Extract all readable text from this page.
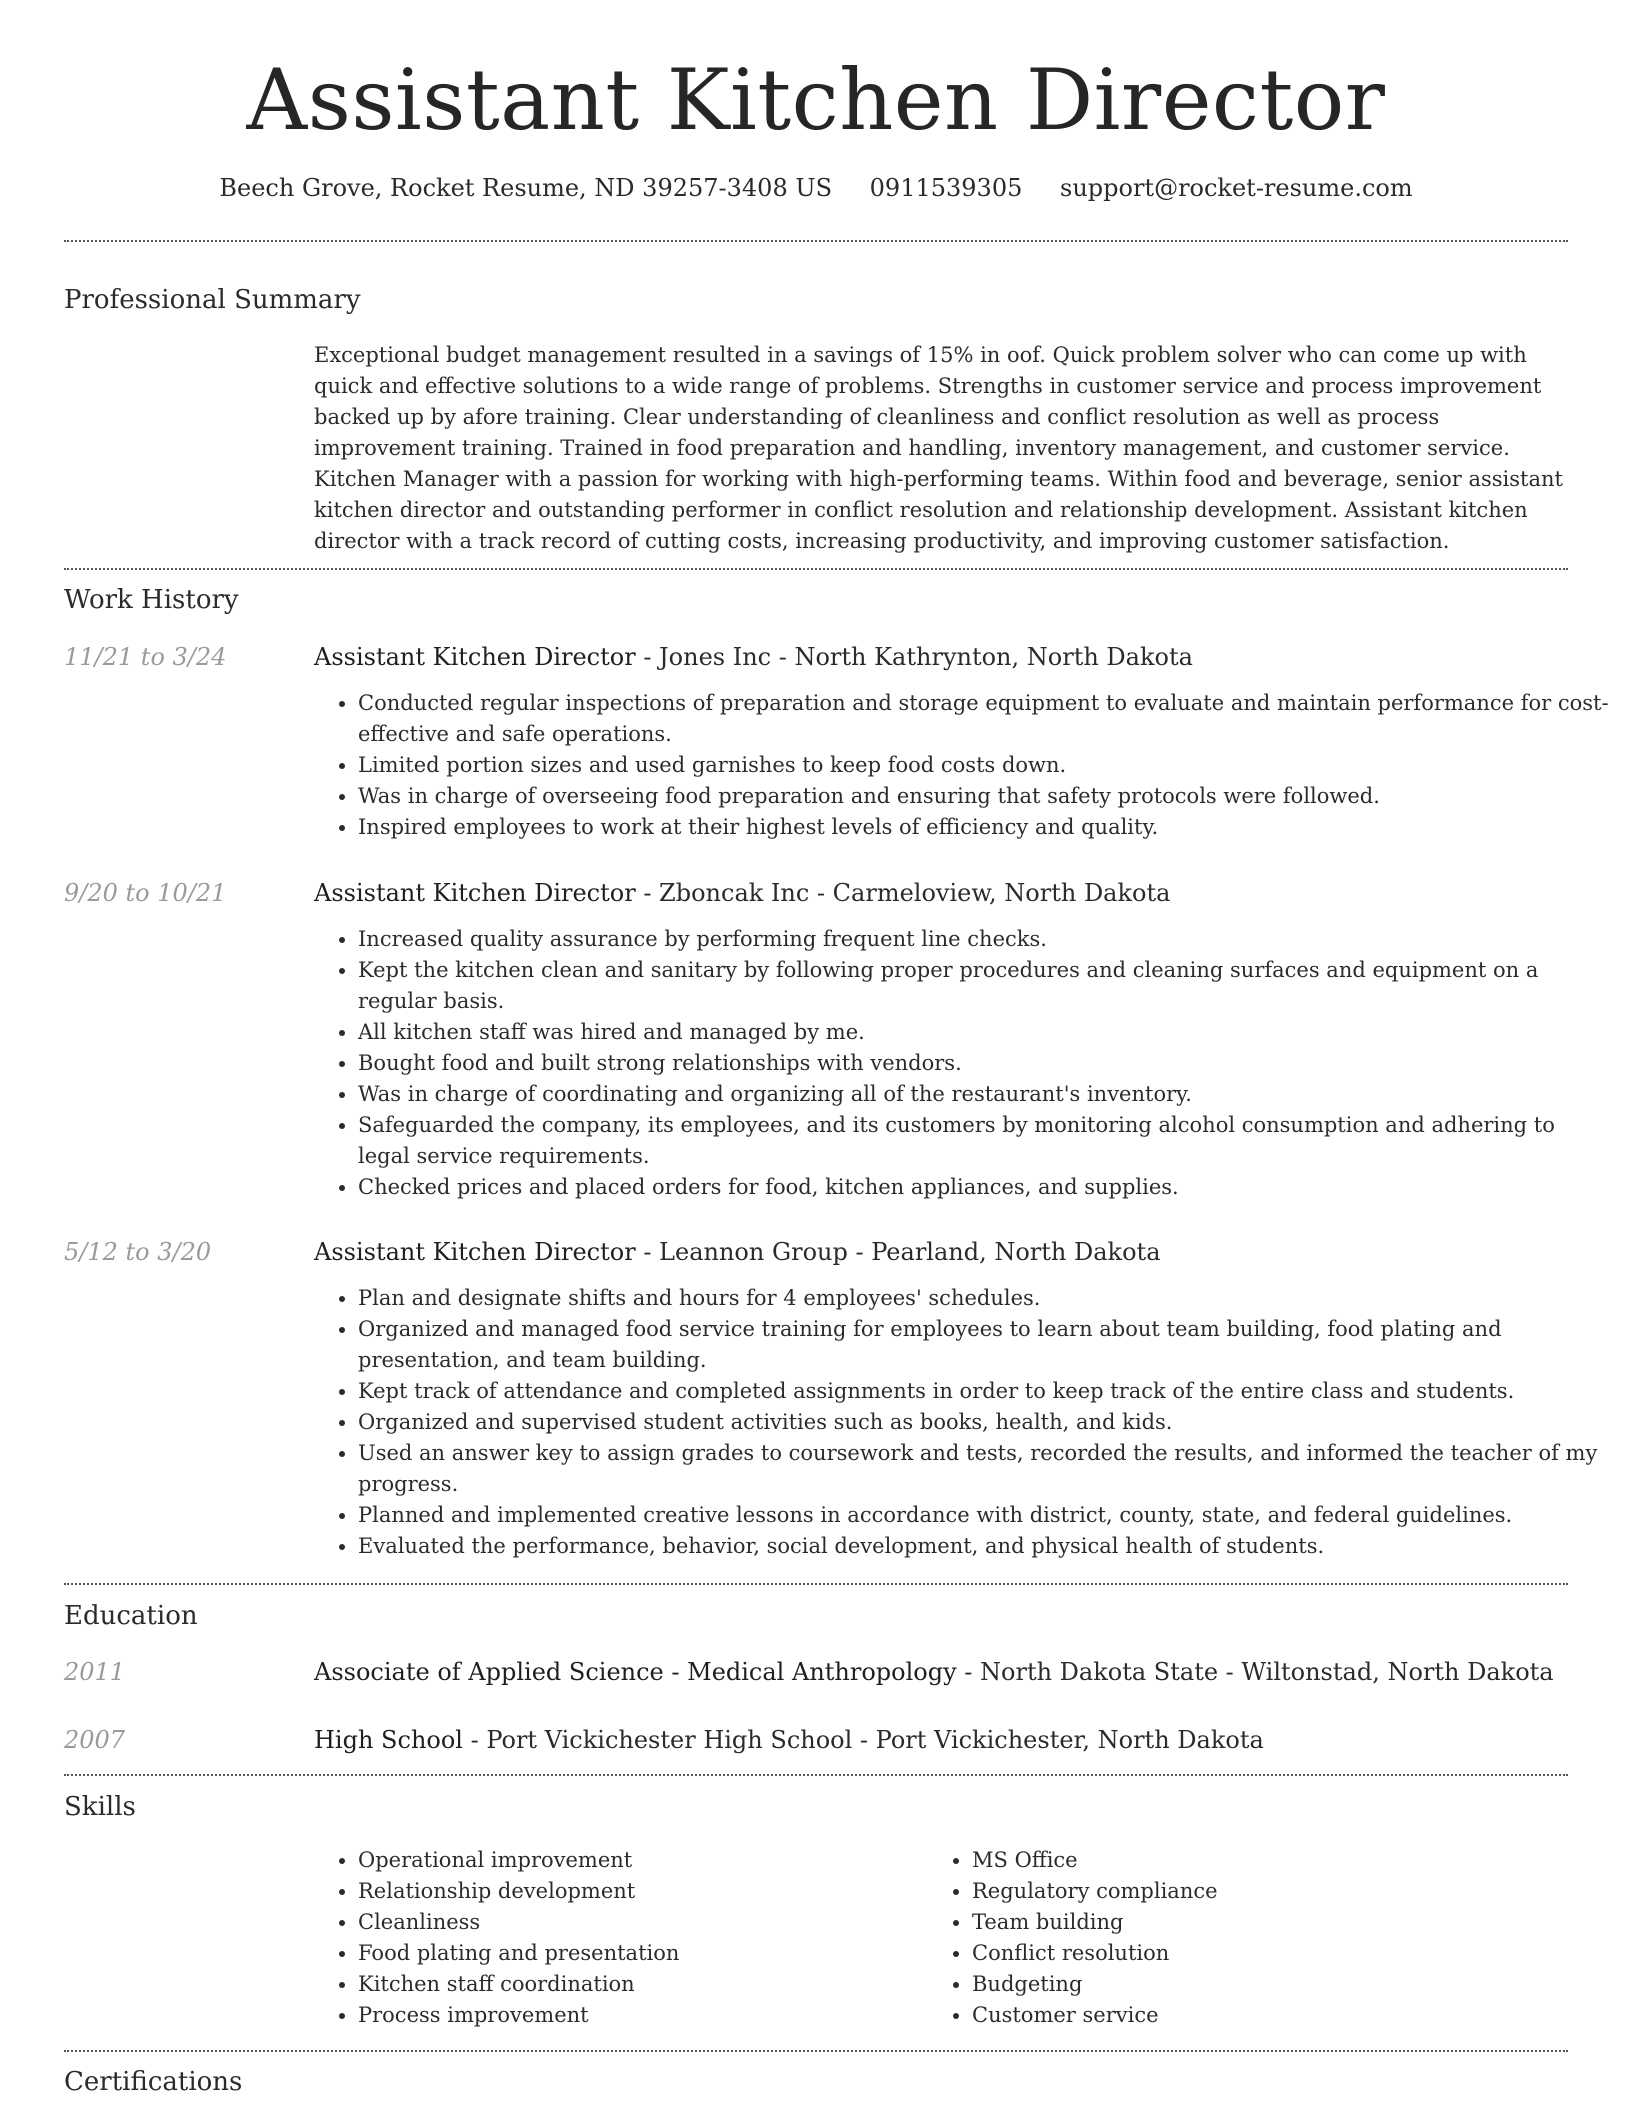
Assistant Kitchen Director
Beech Grove, Rocket Resume, ND 39257-3408 US 0911539305 support@rocket-resume.com
Professional Summary

Exceptional budget management resulted in a savings of 15% in oof. Quick problem solver who can come up with quick and effective solutions to a wide range of problems. Strengths in customer service and process improvement backed up by afore training. Clear understanding of cleanliness and conflict resolution as well as process improvement training. Trained in food preparation and handling, inventory management, and customer service. Kitchen Manager with a passion for working with high-performing teams. Within food and beverage, senior assistant kitchen director and outstanding performer in conflict resolution and relationship development. Assistant kitchen director with a track record of cutting costs, increasing productivity, and improving customer satisfaction.

Work History
11/21 to 3/24	Assistant Kitchen Director - Jones Inc - North Kathrynton, North Dakota
• Conducted regular inspections of preparation and storage equipment to evaluate and maintain performance for cost-effective and safe operations.
• Limited portion sizes and used garnishes to keep food costs down.
• Was in charge of overseeing food preparation and ensuring that safety protocols were followed.
• Inspired employees to work at their highest levels of efficiency and quality.
9/20 to 10/21	Assistant Kitchen Director - Zboncak Inc - Carmeloview, North Dakota
• Increased quality assurance by performing frequent line checks.
• Kept the kitchen clean and sanitary by following proper procedures and cleaning surfaces and equipment on a regular basis.
• All kitchen staff was hired and managed by me.
• Bought food and built strong relationships with vendors.
• Was in charge of coordinating and organizing all of the restaurant's inventory.
• Safeguarded the company, its employees, and its customers by monitoring alcohol consumption and adhering to legal service requirements.
• Checked prices and placed orders for food, kitchen appliances, and supplies.
5/12 to 3/20	Assistant Kitchen Director - Leannon Group - Pearland, North Dakota
• Plan and designate shifts and hours for 4 employees' schedules.
• Organized and managed food service training for employees to learn about team building, food plating and presentation, and team building.
• Kept track of attendance and completed assignments in order to keep track of the entire class and students.
• Organized and supervised student activities such as books, health, and kids.
• Used an answer key to assign grades to coursework and tests, recorded the results, and informed the teacher of my progress.
• Planned and implemented creative lessons in accordance with district, county, state, and federal guidelines.
• Evaluated the performance, behavior, social development, and physical health of students.
Education
2011	Associate of Applied Science - Medical Anthropology - North Dakota State - Wiltonstad, North Dakota
2007	High School - Port Vickichester High School - Port Vickichester, North Dakota
Skills
• Operational improvement
• Relationship development
• Cleanliness
• Food plating and presentation
• Kitchen staff coordination
• Process improvement
• MS Office
• Regulatory compliance
• Team building
• Conflict resolution
• Budgeting
• Customer service
Certifications
